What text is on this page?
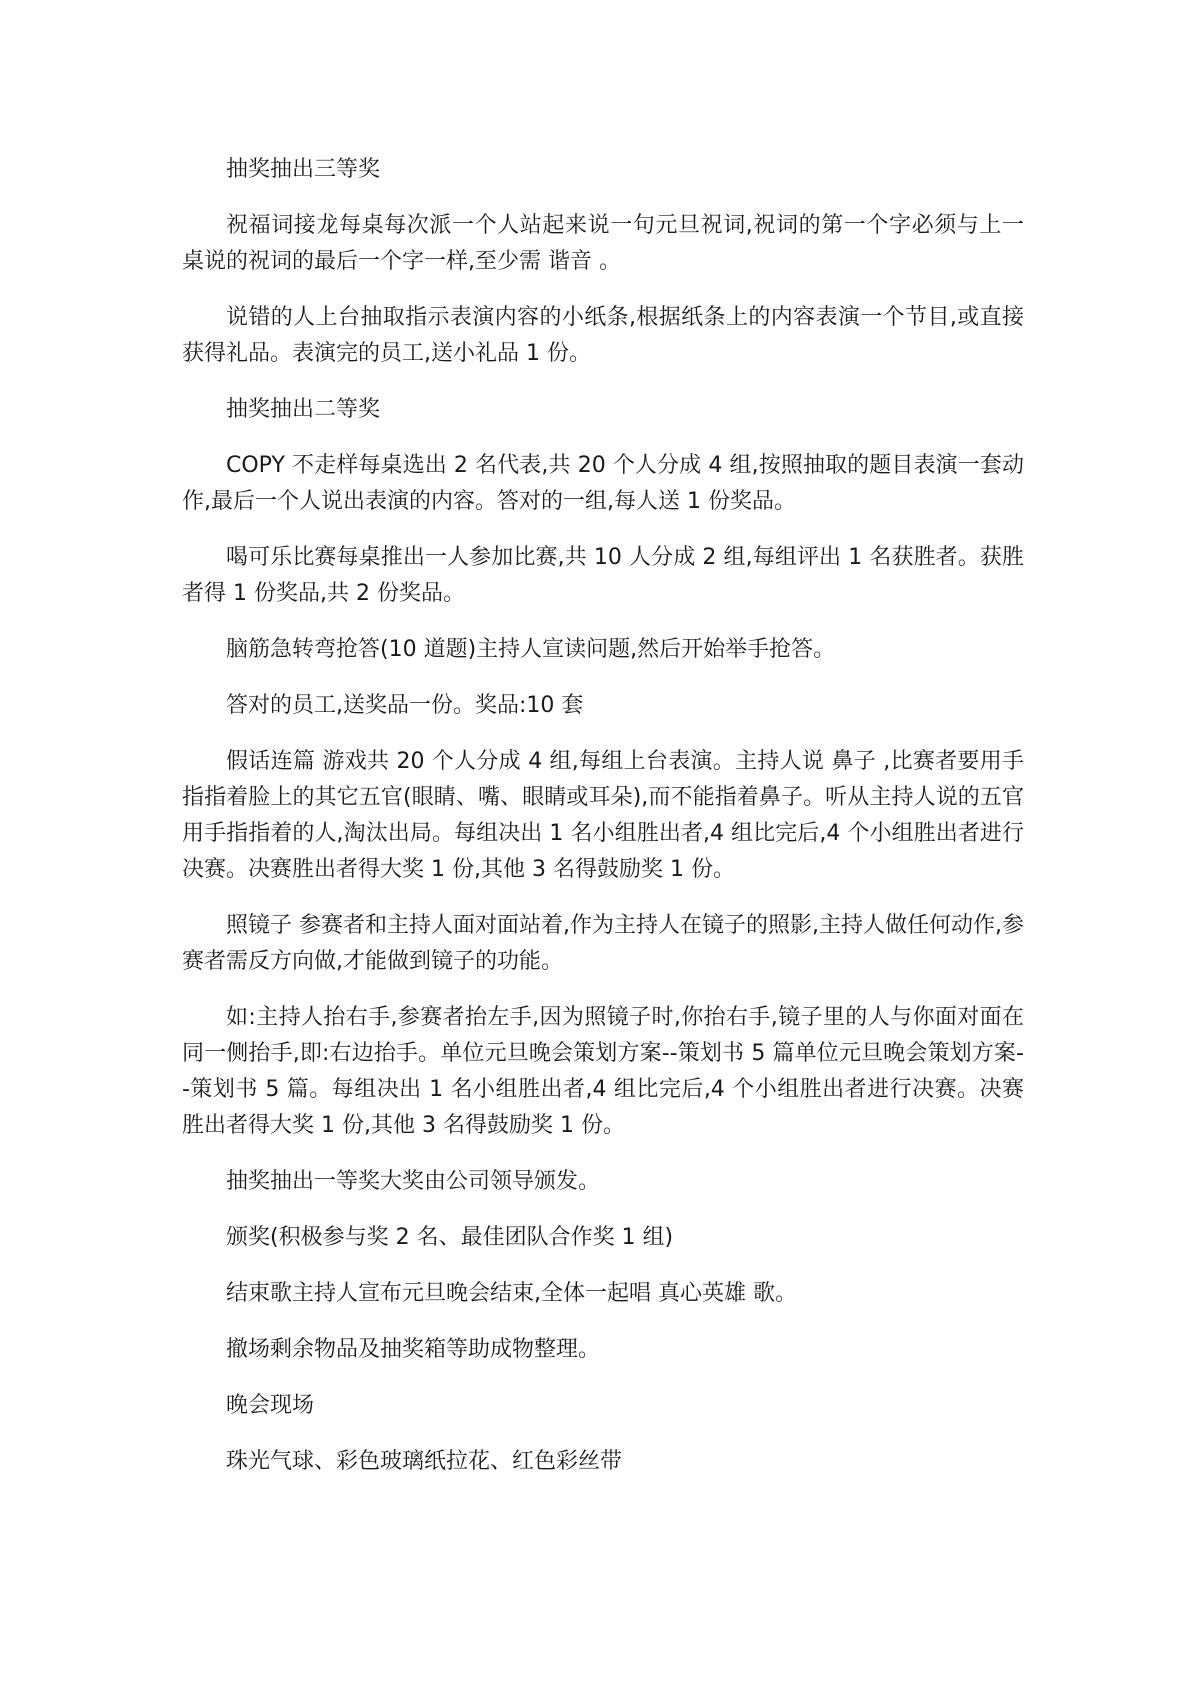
抽奖抽出三等奖

祝福词接龙每桌每次派一个人站起来说一句元旦祝词,祝词的第一个字必须与上一桌说的祝词的最后一个字一样,至少需 谐音 。

说错的人上台抽取指示表演内容的小纸条,根据纸条上的内容表演一个节目,或直接获得礼品。表演完的员工,送小礼品 1 份。

抽奖抽出二等奖

COPY 不走样每桌选出 2 名代表,共 20 个人分成 4 组,按照抽取的题目表演一套动作,最后一个人说出表演的内容。答对的一组,每人送 1 份奖品。

喝可乐比赛每桌推出一人参加比赛,共 10 人分成 2 组,每组评出 1 名获胜者。获胜者得 1 份奖品,共 2 份奖品。

脑筋急转弯抢答(10 道题)主持人宣读问题,然后开始举手抢答。

答对的员工,送奖品一份。奖品:10 套

假话连篇 游戏共 20 个人分成 4 组,每组上台表演。主持人说 鼻子 ,比赛者要用手指指着脸上的其它五官(眼睛、嘴、眼睛或耳朵),而不能指着鼻子。听从主持人说的五官用手指指着的人,淘汰出局。每组决出 1 名小组胜出者,4 组比完后,4 个小组胜出者进行决赛。决赛胜出者得大奖 1 份,其他 3 名得鼓励奖 1 份。

照镜子 参赛者和主持人面对面站着,作为主持人在镜子的照影,主持人做任何动作,参赛者需反方向做,才能做到镜子的功能。

如:主持人抬右手,参赛者抬左手,因为照镜子时,你抬右手,镜子里的人与你面对面在同一侧抬手,即:右边抬手。单位元旦晚会策划方案--策划书 5 篇单位元旦晚会策划方案--策划书 5 篇。每组决出 1 名小组胜出者,4 组比完后,4 个小组胜出者进行决赛。决赛胜出者得大奖 1 份,其他 3 名得鼓励奖 1 份。

抽奖抽出一等奖大奖由公司领导颁发。

颁奖(积极参与奖 2 名、最佳团队合作奖 1 组)

结束歌主持人宣布元旦晚会结束,全体一起唱 真心英雄 歌。

撤场剩余物品及抽奖箱等助成物整理。

晚会现场

珠光气球、彩色玻璃纸拉花、红色彩丝带
